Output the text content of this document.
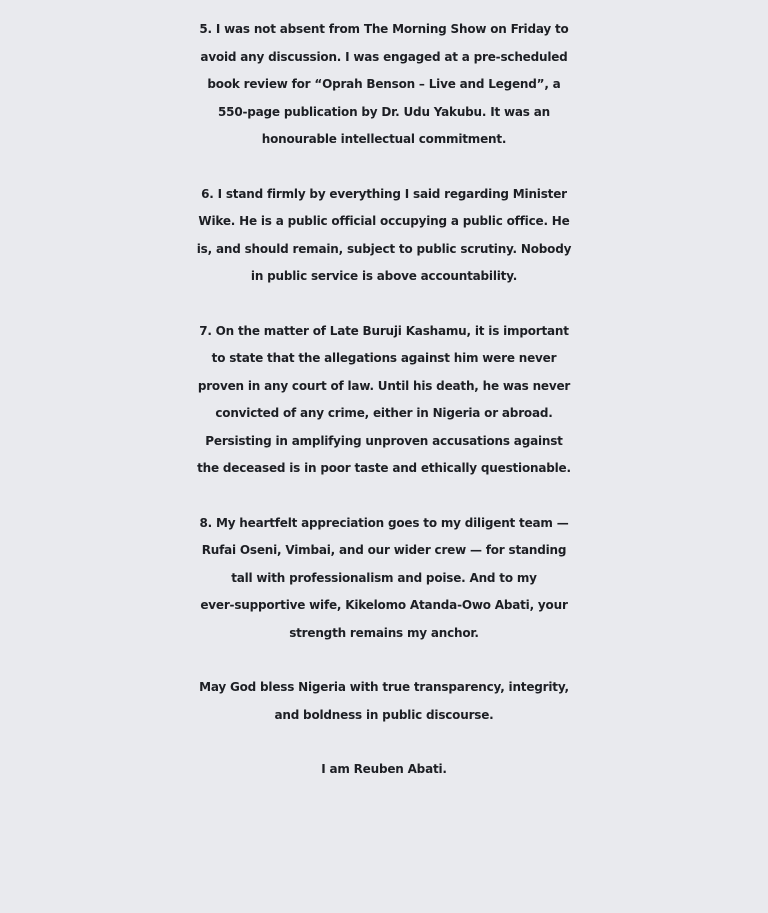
5. I was not absent from The Morning Show on Friday to
avoid any discussion. I was engaged at a pre-scheduled
book review for “Oprah Benson – Live and Legend”, a
550-page publication by Dr. Udu Yakubu. It was an
honourable intellectual commitment.
6. I stand firmly by everything I said regarding Minister
Wike. He is a public official occupying a public office. He
is, and should remain, subject to public scrutiny. Nobody
in public service is above accountability.
7. On the matter of Late Buruji Kashamu, it is important
to state that the allegations against him were never
proven in any court of law. Until his death, he was never
convicted of any crime, either in Nigeria or abroad.
Persisting in amplifying unproven accusations against
the deceased is in poor taste and ethically questionable.
8. My heartfelt appreciation goes to my diligent team —
Rufai Oseni, Vimbai, and our wider crew — for standing
tall with professionalism and poise. And to my
ever-supportive wife, Kikelomo Atanda-Owo Abati, your
strength remains my anchor.
May God bless Nigeria with true transparency, integrity,
and boldness in public discourse.
I am Reuben Abati.
